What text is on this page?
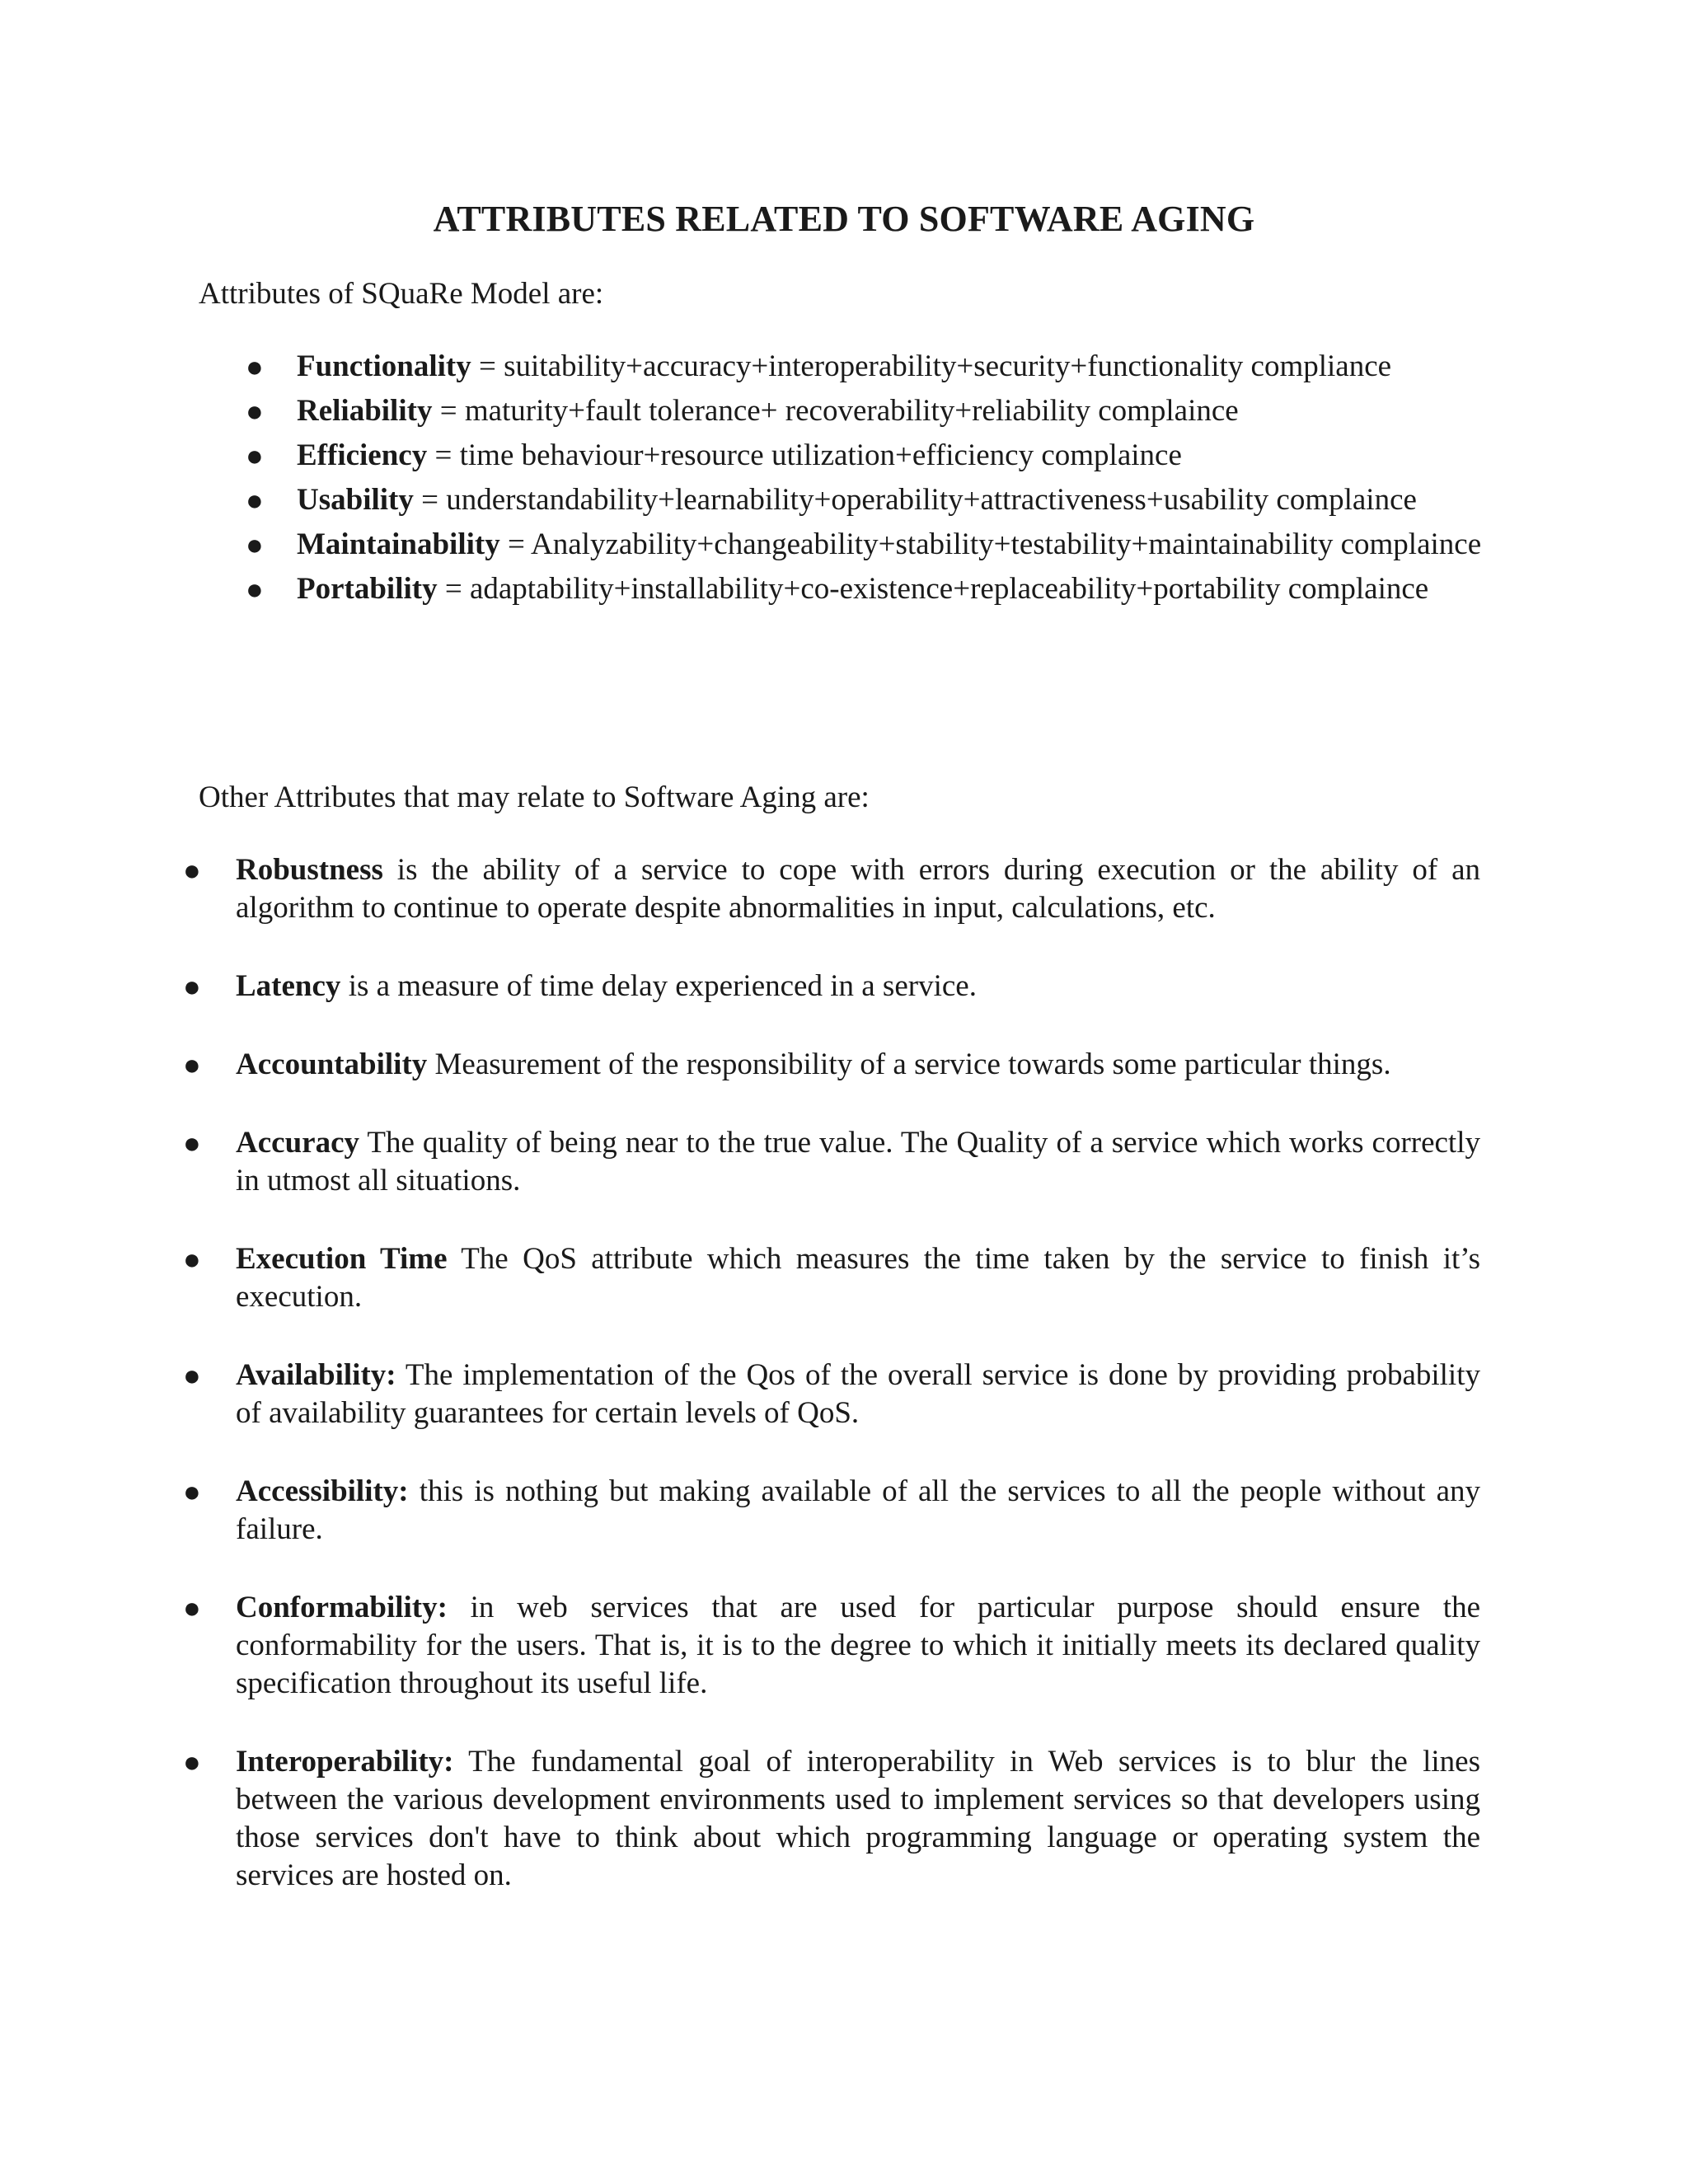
ATTRIBUTES RELATED TO SOFTWARE AGING
Attributes of SQuaRe Model are:
● Functionality = suitability+accuracy+interoperability+security+functionality compliance
● Reliability = maturity+fault tolerance+ recoverability+reliability complaince
● Efficiency = time behaviour+resource utilization+efficiency complaince
● Usability = understandability+learnability+operability+attractiveness+usability complaince
● Maintainability = Analyzability+changeability+stability+testability+maintainability complaince
● Portability = adaptability+installability+co-existence+replaceability+portability complaince
Other Attributes that may relate to Software Aging are:
● Robustness is the ability of a service to cope with errors during execution or the ability of an algorithm to continue to operate despite abnormalities in input, calculations, etc.
● Latency is a measure of time delay experienced in a service.
● Accountability Measurement of the responsibility of a service towards some particular things.
● Accuracy The quality of being near to the true value. The Quality of a service which works correctly in utmost all situations.
● Execution Time The QoS attribute which measures the time taken by the service to finish it’s execution.
● Availability: The implementation of the Qos of the overall service is done by providing probability of availability guarantees for certain levels of QoS.
● Accessibility: this is nothing but making available of all the services to all the people without any failure.
● Conformability: in web services that are used for particular purpose should ensure the conformability for the users. That is, it is to the degree to which it initially meets its declared quality specification throughout its useful life.
● Interoperability: The fundamental goal of interoperability in Web services is to blur the lines between the various development environments used to implement services so that developers using those services don't have to think about which programming language or operating system the services are hosted on.
